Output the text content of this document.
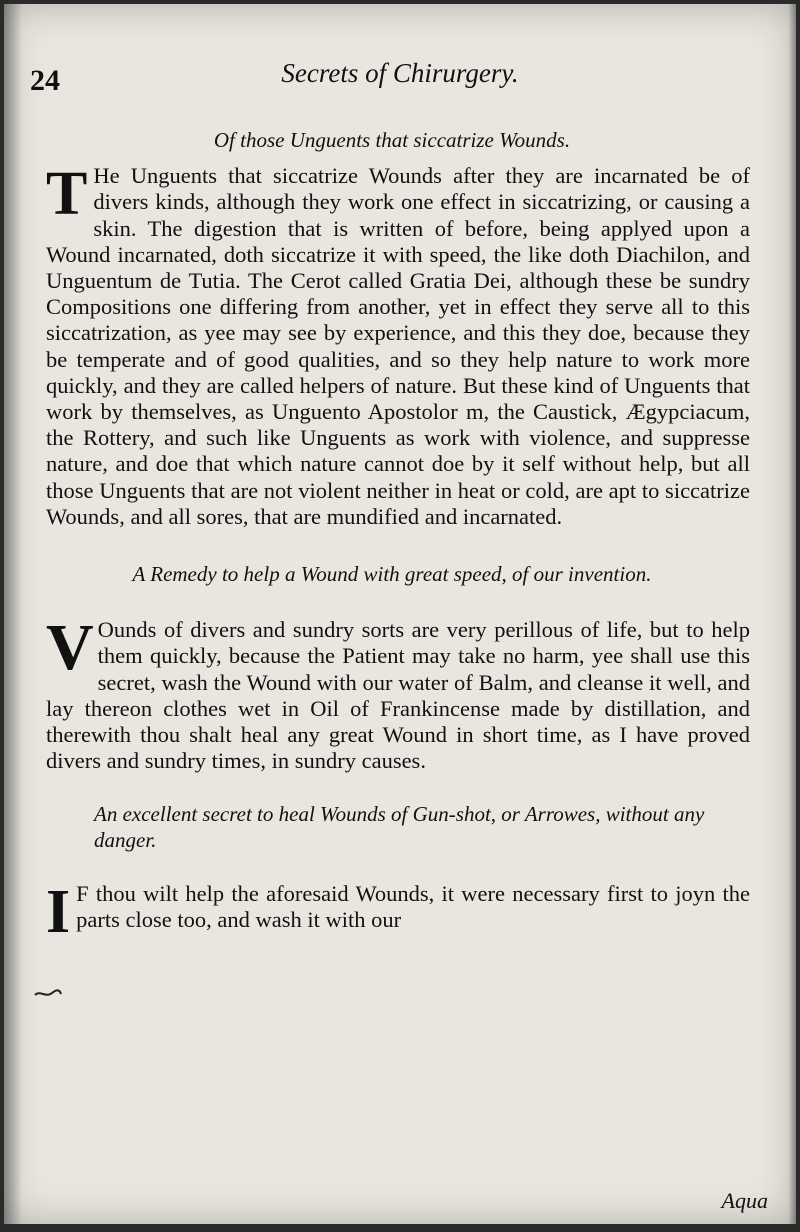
24	Secrets of Chirurgery.
Of those Unguents that siccatrize Wounds.

T He Unguents that siccatrize Wounds after they are incarnated be of divers kinds, although they work one effect in siccatrizing, or causing a skin. The digestion that is written of before, being applyed upon a Wound incarnated, doth siccatrize it with speed, the like doth Diachilon, and Unguentum de Tutia. The Cerot called Gratia Dei, although these be sundry Compositions one differing from another, yet in effect they serve all to this siccatrization, as yee may see by experience, and this they doe, because they be temperate and of good qualities, and so they help nature to work more quickly, and they are called helpers of nature. But these kind of Unguents that work by themselves, as Unguento Apostolor m, the Caustick, Ægypciacum, the Rottery, and such like Unguents as work with violence, and suppresse nature, and doe that which nature cannot doe by it self without help, but all those Unguents that are not violent neither in heat or cold, are apt to siccatrize Wounds, and all sores, that are mundified and incarnated.

A Remedy to help a Wound with great speed, of our invention.

V Ounds of divers and sundry sorts are very perillous of life, but to help them quickly, because the Patient may take no harm, yee shall use this secret, wash the Wound with our water of Balm, and cleanse it well, and lay thereon clothes wet in Oil of Frankincense made by distillation, and therewith thou shalt heal any great Wound in short time, as I have proved divers and sundry times, in sundry causes.

An excellent secret to heal Wounds of Gun-shot, or Arrowes, without any danger.

I F thou wilt help the aforesaid Wounds, it were necessary first to joyn the parts close too, and wash it with our

Aqua
